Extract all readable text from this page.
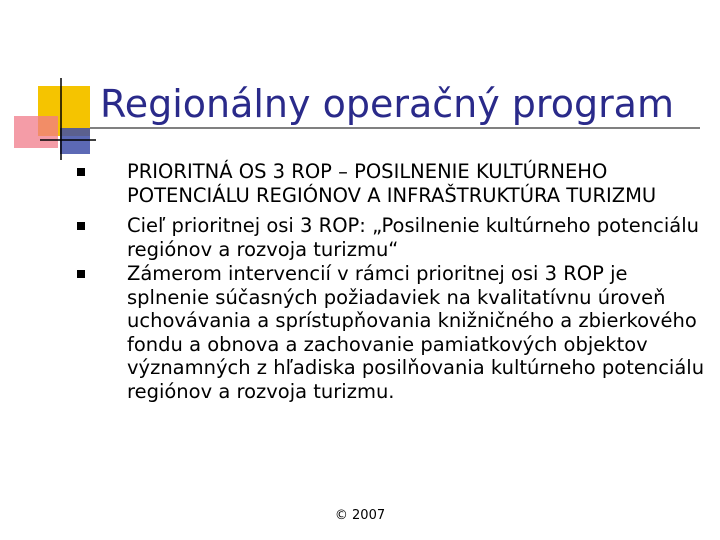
Regionálny operačný program
PRIORITNÁ OS 3 ROP – POSILNENIE KULTÚRNEHO POTENCIÁLU REGIÓNOV A INFRAŠTRUKTÚRA TURIZMU
Cieľ prioritnej osi 3 ROP: „Posilnenie kultúrneho potenciálu regiónov a rozvoja turizmu“
Zámerom intervencií v rámci prioritnej osi 3 ROP je splnenie súčasných požiadaviek na kvalitatívnu úroveň uchovávania a sprístupňovania knižničného a zbierkového fondu a obnova a zachovanie pamiatkových objektov významných z hľadiska posilňovania kultúrneho potenciálu regiónov a rozvoja turizmu.
© 2007
